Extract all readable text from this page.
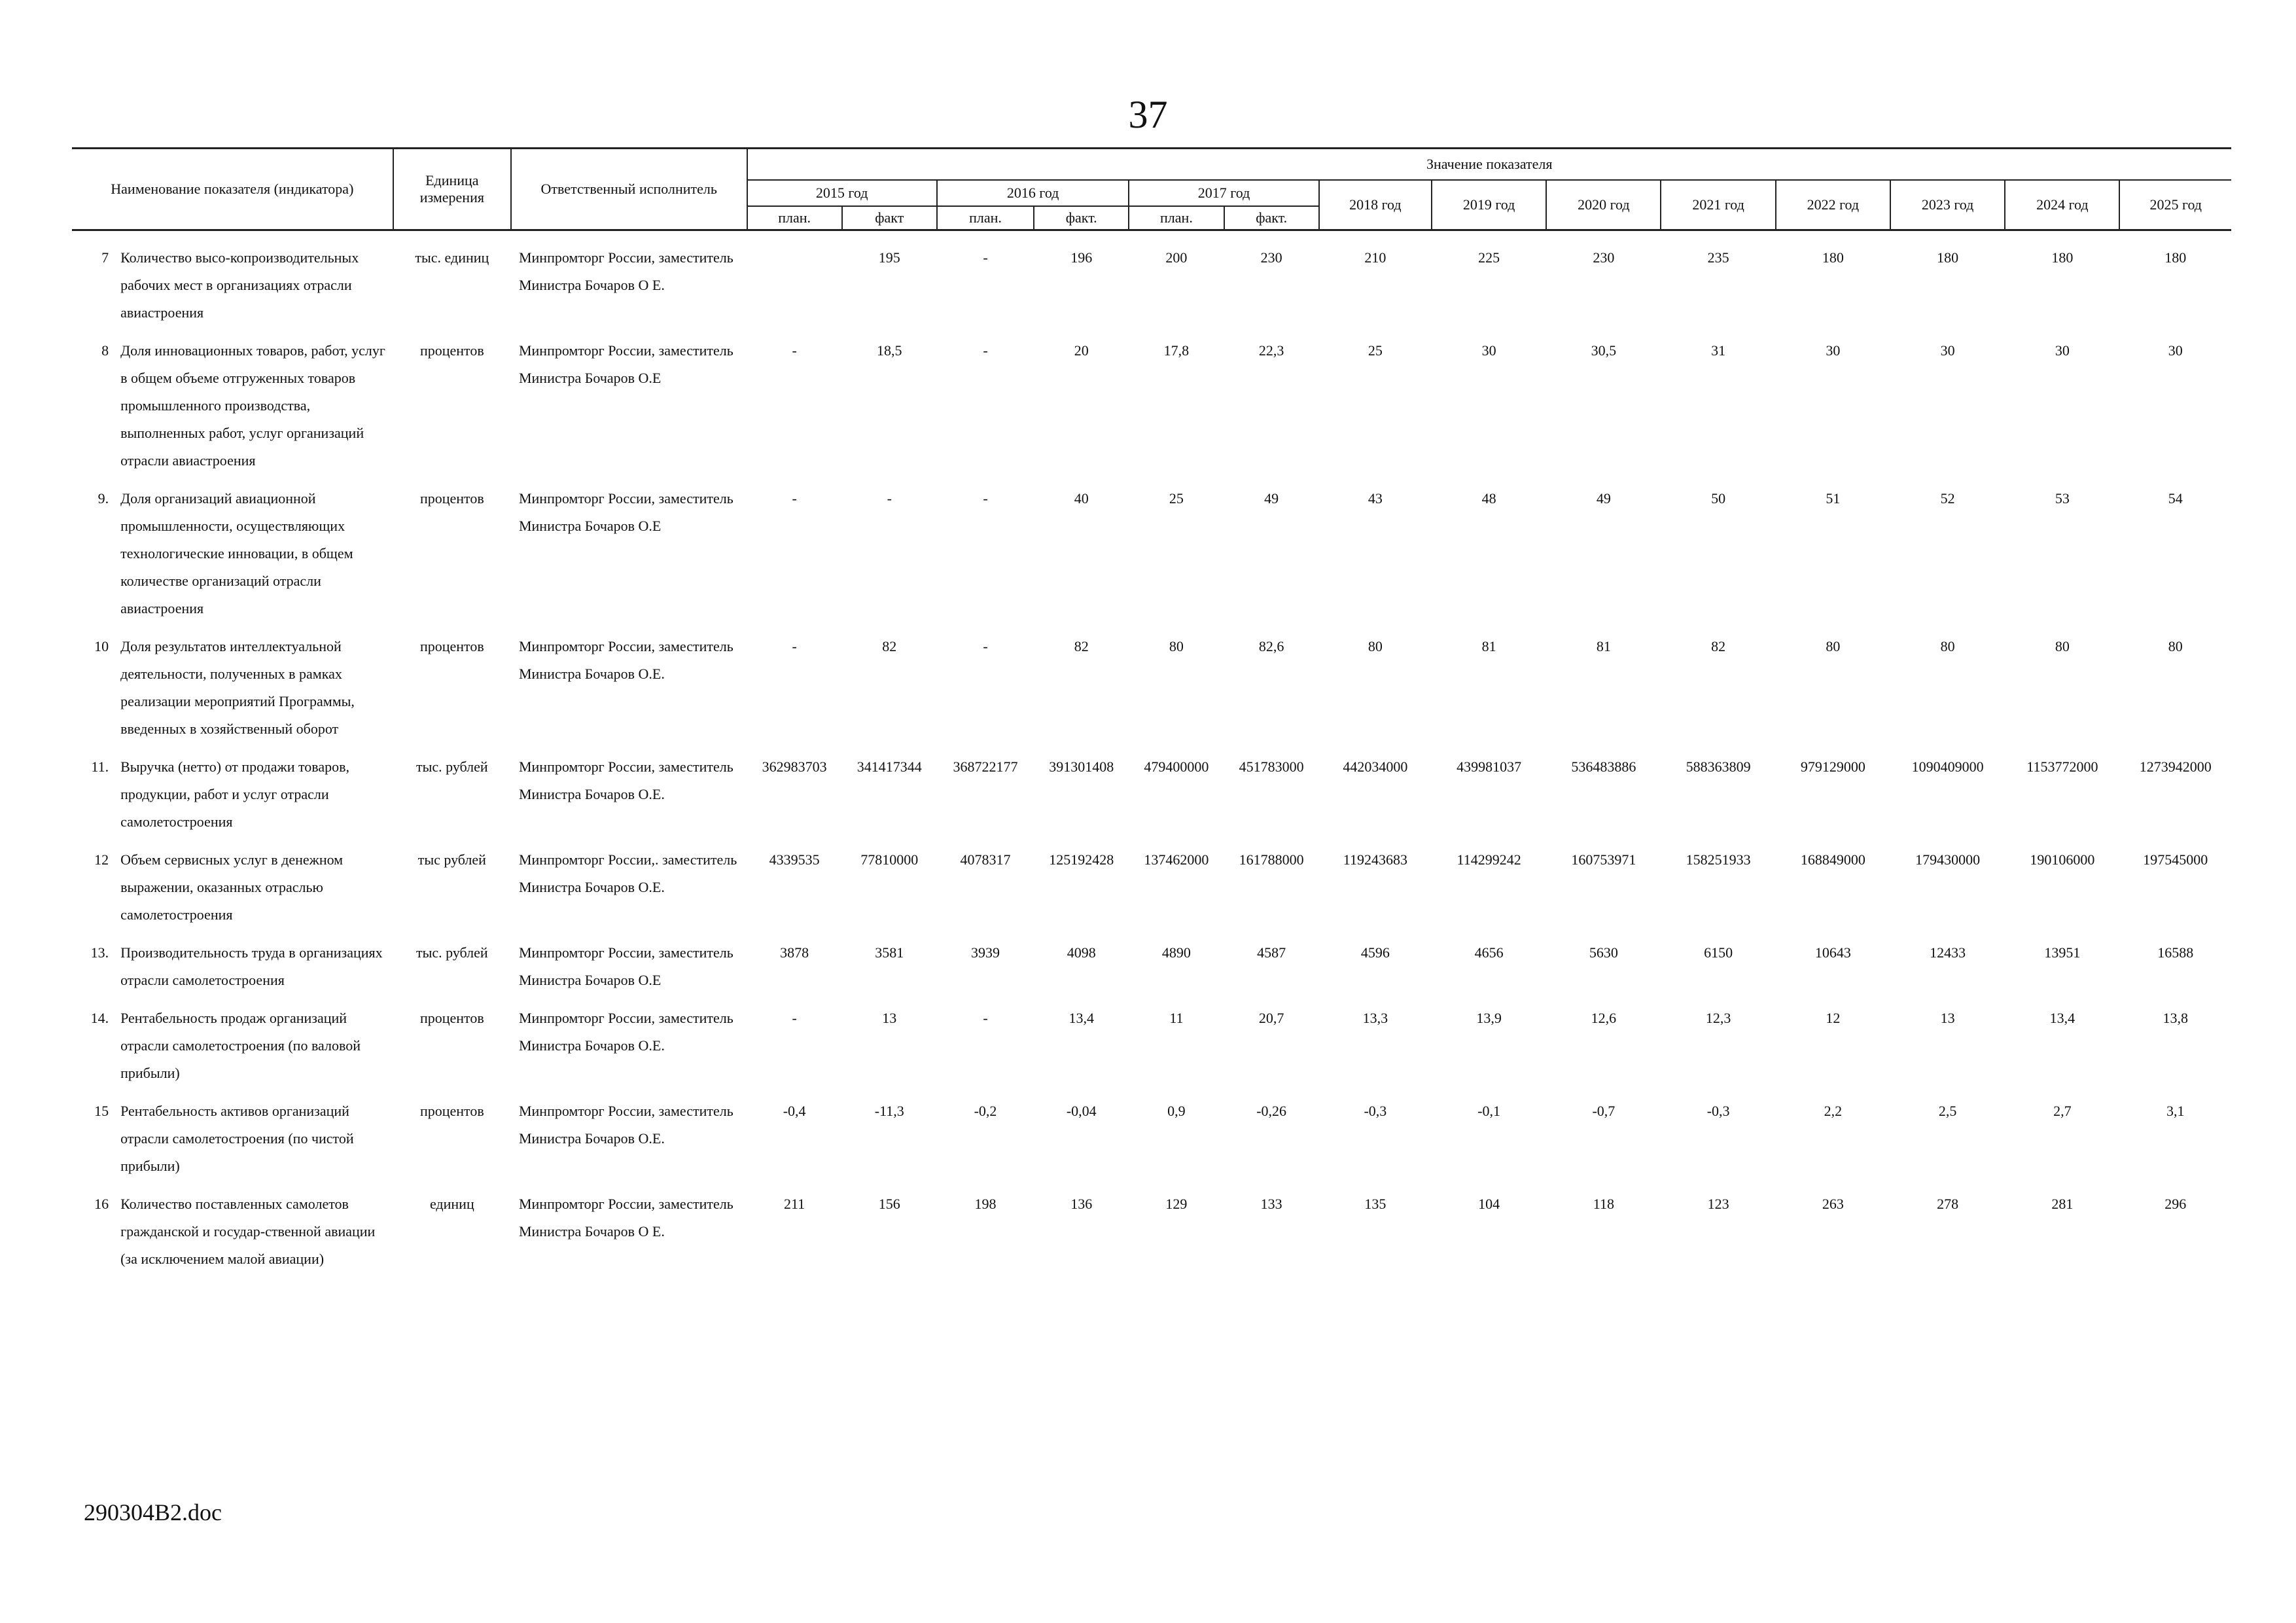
37
Наименование показателя (индикатора)		Единица измерения	Ответственный исполнитель	Значение показателя													
				2015 год		2016 год		2017 год		2018 год	2019 год	2020 год	2021 год	2022 год	2023 год	2024 год	2025 год
				план.	факт	план.	факт.	план.	факт.								
7	Количество высо-копроизводительных рабочих мест в организациях отрасли авиастроения	тыс. единиц	Минпромторг России, заместитель Министра Бочаров О Е.		195	-	196	200	230	210	225	230	235	180	180	180	180
8	Доля инновационных товаров, работ, услуг в общем объеме отгруженных товаров промышленного производства, выполненных работ, услуг организаций отрасли авиастроения	процентов	Минпромторг России, заместитель Министра Бочаров О.Е	-	18,5	-	20	17,8	22,3	25	30	30,5	31	30	30	30	30
9.	Доля организаций авиационной промышленности, осуществляющих технологические инновации, в общем количестве организаций отрасли авиастроения	процентов	Минпромторг России, заместитель Министра Бочаров О.Е	-	-	-	40	25	49	43	48	49	50	51	52	53	54
10	Доля результатов интеллектуальной деятельности, полученных в рамках реализации мероприятий Программы, введенных в хозяйственный оборот	процентов	Минпромторг России, заместитель Министра Бочаров О.Е.	-	82	-	82	80	82,6	80	81	81	82	80	80	80	80
11.	Выручка (нетто) от продажи товаров, продукции, работ и услуг отрасли самолетостроения	тыс. рублей	Минпромторг России, заместитель Министра Бочаров О.Е.	362983703	341417344	368722177	391301408	479400000	451783000	442034000	439981037	536483886	588363809	979129000	1090409000	1153772000	1273942000
12	Объем сервисных услуг в денежном выражении, оказанных отраслью самолетостроения	тыс рублей	Минпромторг России,. заместитель Министра Бочаров О.Е.	4339535	77810000	4078317	125192428	137462000	161788000	119243683	114299242	160753971	158251933	168849000	179430000	190106000	197545000
13.	Производительность труда в организациях отрасли самолетостроения	тыс. рублей	Минпромторг России, заместитель Министра Бочаров О.Е	3878	3581	3939	4098	4890	4587	4596	4656	5630	6150	10643	12433	13951	16588
14.	Рентабельность продаж организаций отрасли самолетостроения (по валовой прибыли)	процентов	Минпромторг России, заместитель Министра Бочаров О.Е.	-	13	-	13,4	11	20,7	13,3	13,9	12,6	12,3	12	13	13,4	13,8
15	Рентабельность активов организаций отрасли самолетостроения (по чистой прибыли)	процентов	Минпромторг России, заместитель Министра Бочаров О.Е.	-0,4	-11,3	-0,2	-0,04	0,9	-0,26	-0,3	-0,1	-0,7	-0,3	2,2	2,5	2,7	3,1
16	Количество поставленных самолетов гражданской и государ-ственной авиации (за исключением малой авиации)	единиц	Минпромторг России, заместитель Министра Бочаров О Е.	211	156	198	136	129	133	135	104	118	123	263	278	281	296
290304B2.doc
